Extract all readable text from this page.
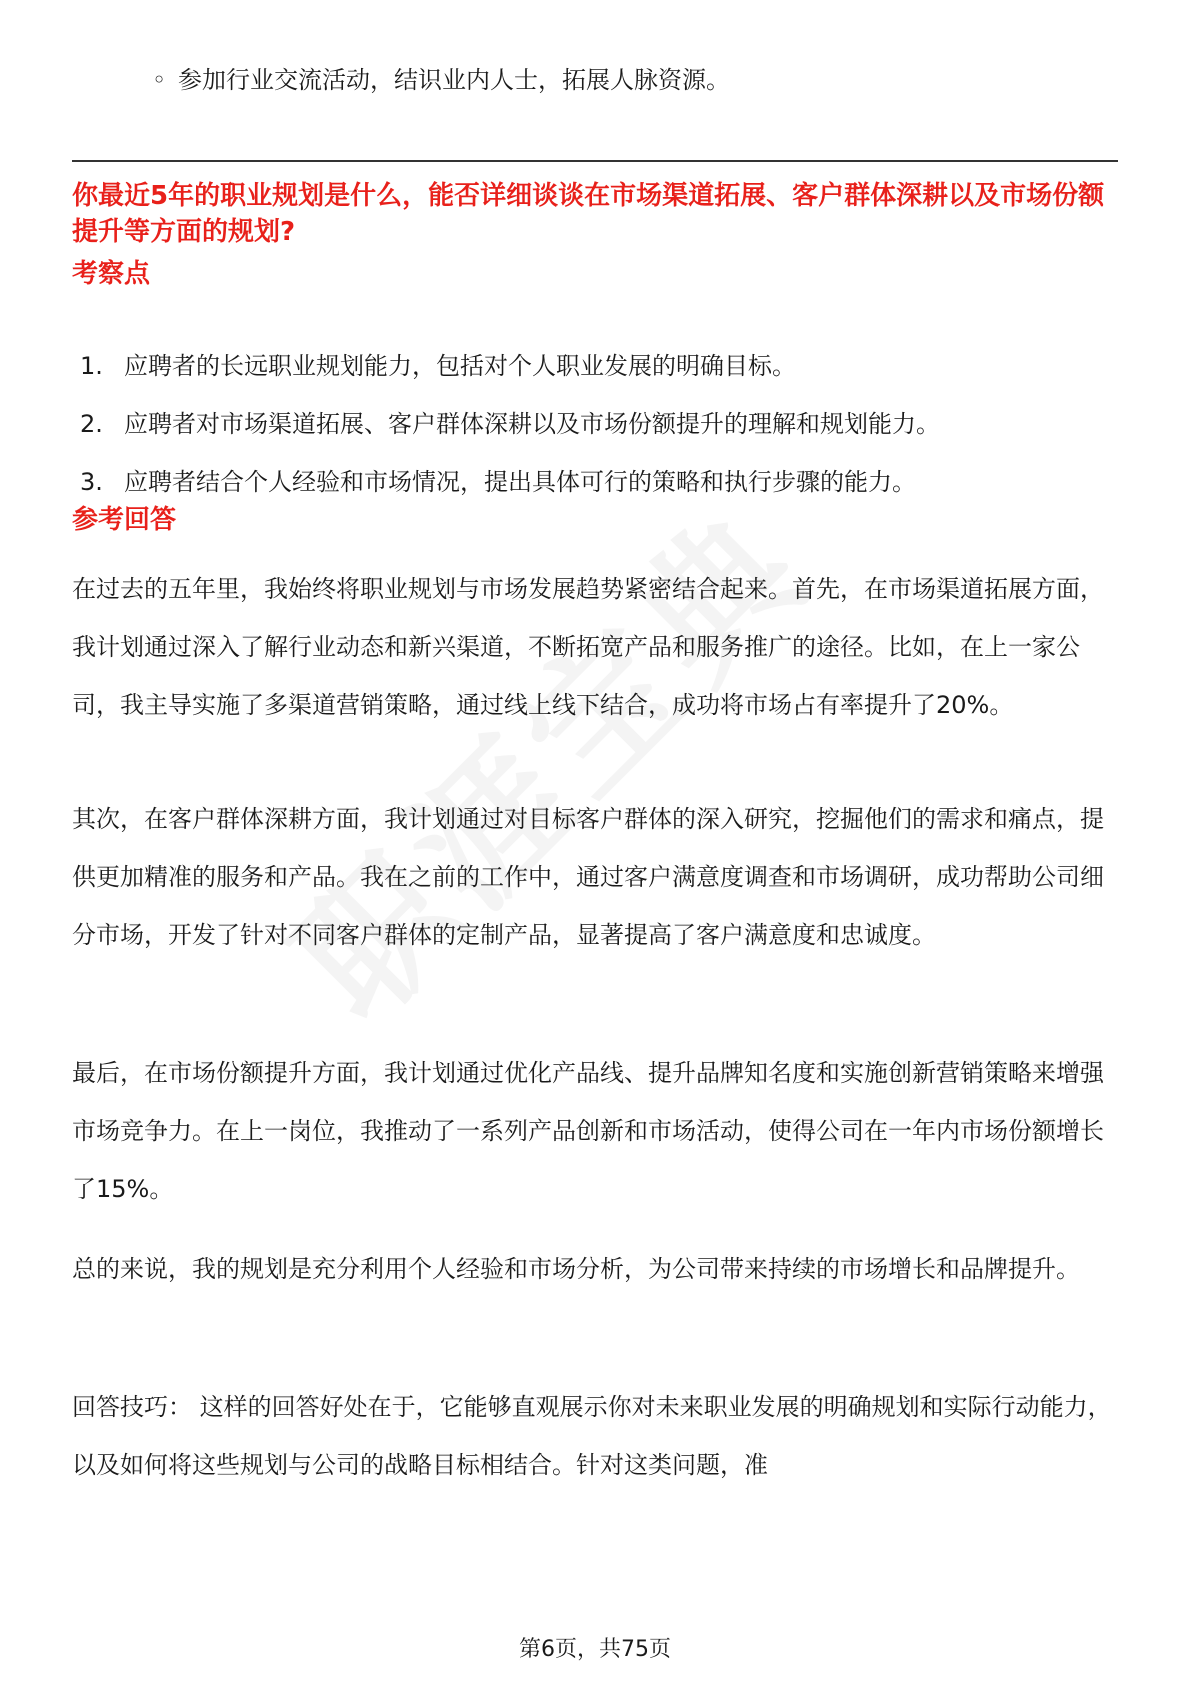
◦ 参加行业交流活动，结识业内人士，拓展人脉资源。
你最近5年的职业规划是什么，能否详细谈谈在市场渠道拓展、客户群体深耕以及市场份额提升等方面的规划?
考察点
1. 应聘者的长远职业规划能力，包括对个人职业发展的明确目标。
2. 应聘者对市场渠道拓展、客户群体深耕以及市场份额提升的理解和规划能力。
3. 应聘者结合个人经验和市场情况，提出具体可行的策略和执行步骤的能力。
参考回答

在过去的五年里，我始终将职业规划与市场发展趋势紧密结合起来。首先，在市场渠道拓展方面，我计划通过深入了解行业动态和新兴渠道，不断拓宽产品和服务推广的途径。比如，在上一家公司，我主导实施了多渠道营销策略，通过线上线下结合，成功将市场占有率提升了20%。

其次，在客户群体深耕方面，我计划通过对目标客户群体的深入研究，挖掘他们的需求和痛点，提供更加精准的服务和产品。我在之前的工作中，通过客户满意度调查和市场调研，成功帮助公司细分市场，开发了针对不同客户群体的定制产品，显著提高了客户满意度和忠诚度。

最后，在市场份额提升方面，我计划通过优化产品线、提升品牌知名度和实施创新营销策略来增强市场竞争力。在上一岗位，我推动了一系列产品创新和市场活动，使得公司在一年内市场份额增长了15%。

总的来说，我的规划是充分利用个人经验和市场分析，为公司带来持续的市场增长和品牌提升。

回答技巧： 这样的回答好处在于，它能够直观展示你对未来职业发展的明确规划和实际行动能力，以及如何将这些规划与公司的战略目标相结合。针对这类问题，准

第6页，共75页
